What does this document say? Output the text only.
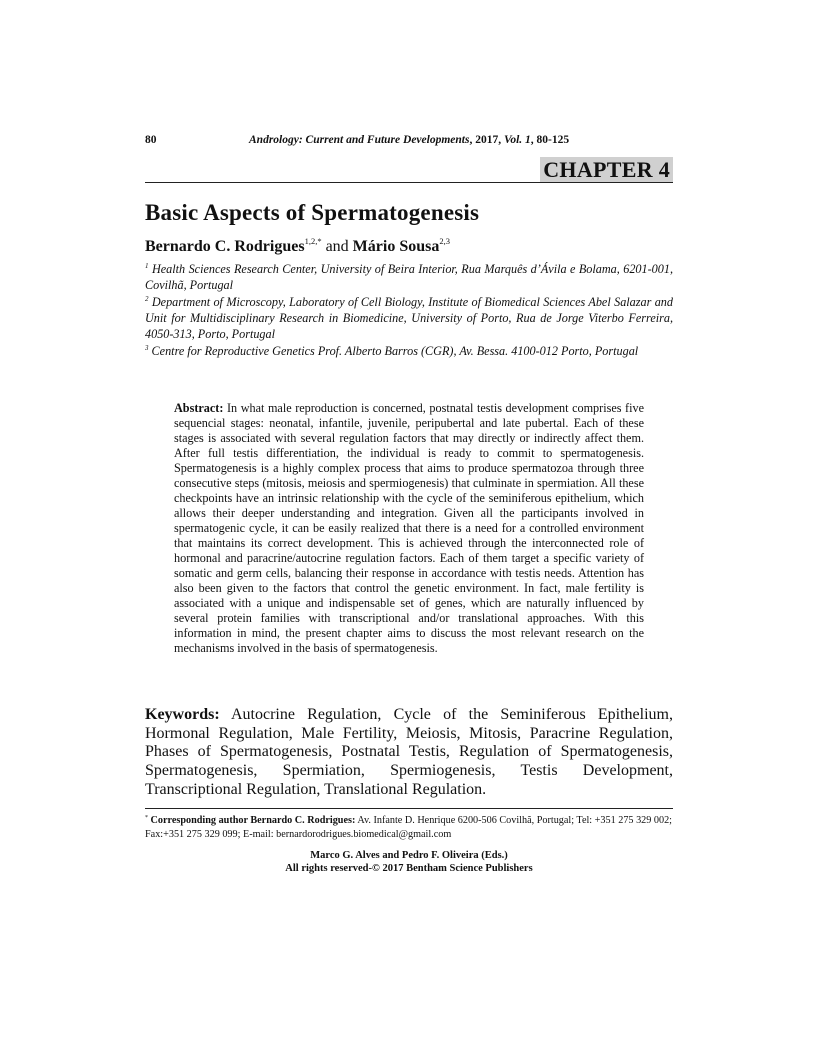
80	Andrology: Current and Future Developments, 2017, Vol. 1, 80-125
CHAPTER 4
Basic Aspects of Spermatogenesis
Bernardo C. Rodrigues$^{1,2,*}$ and Mário Sousa$^{2,3}$
$^1$ Health Sciences Research Center, University of Beira Interior, Rua Marquês d’Ávila e Bolama, 6201-001, Covilhã, Portugal
$^2$ Department of Microscopy, Laboratory of Cell Biology, Institute of Biomedical Sciences Abel Salazar and Unit for Multidisciplinary Research in Biomedicine, University of Porto, Rua de Jorge Viterbo Ferreira, 4050-313, Porto, Portugal
$^3$ Centre for Reproductive Genetics Prof. Alberto Barros (CGR), Av. Bessa. 4100-012 Porto, Portugal
Abstract: In what male reproduction is concerned, postnatal testis development comprises five sequencial stages: neonatal, infantile, juvenile, peripubertal and late pubertal. Each of these stages is associated with several regulation factors that may directly or indirectly affect them. After full testis differentiation, the individual is ready to commit to spermatogenesis. Spermatogenesis is a highly complex process that aims to produce spermatozoa through three consecutive steps (mitosis, meiosis and spermiogenesis) that culminate in spermiation. All these checkpoints have an intrinsic relationship with the cycle of the seminiferous epithelium, which allows their deeper understanding and integration. Given all the participants involved in spermatogenic cycle, it can be easily realized that there is a need for a controlled environment that maintains its correct development. This is achieved through the interconnected role of hormonal and paracrine/autocrine regulation factors. Each of them target a specific variety of somatic and germ cells, balancing their response in accordance with testis needs. Attention has also been given to the factors that control the genetic environment. In fact, male fertility is associated with a unique and indispensable set of genes, which are naturally influenced by several protein families with transcriptional and/or translational approaches. With this information in mind, the present chapter aims to discuss the most relevant research on the mechanisms involved in the basis of spermatogenesis.
Keywords: Autocrine Regulation, Cycle of the Seminiferous Epithelium, Hormonal Regulation, Male Fertility, Meiosis, Mitosis, Paracrine Regulation, Phases of Spermatogenesis, Postnatal Testis, Regulation of Spermatogenesis, Spermatogenesis, Spermiation, Spermiogenesis, Testis Development, Transcriptional Regulation, Translational Regulation.
* Corresponding author Bernardo C. Rodrigues: Av. Infante D. Henrique 6200-506 Covilhã, Portugal; Tel: +351 275 329 002; Fax:+351 275 329 099; E-mail: bernardorodrigues.biomedical@gmail.com
Marco G. Alves and Pedro F. Oliveira (Eds.)
All rights reserved-© 2017 Bentham Science Publishers
